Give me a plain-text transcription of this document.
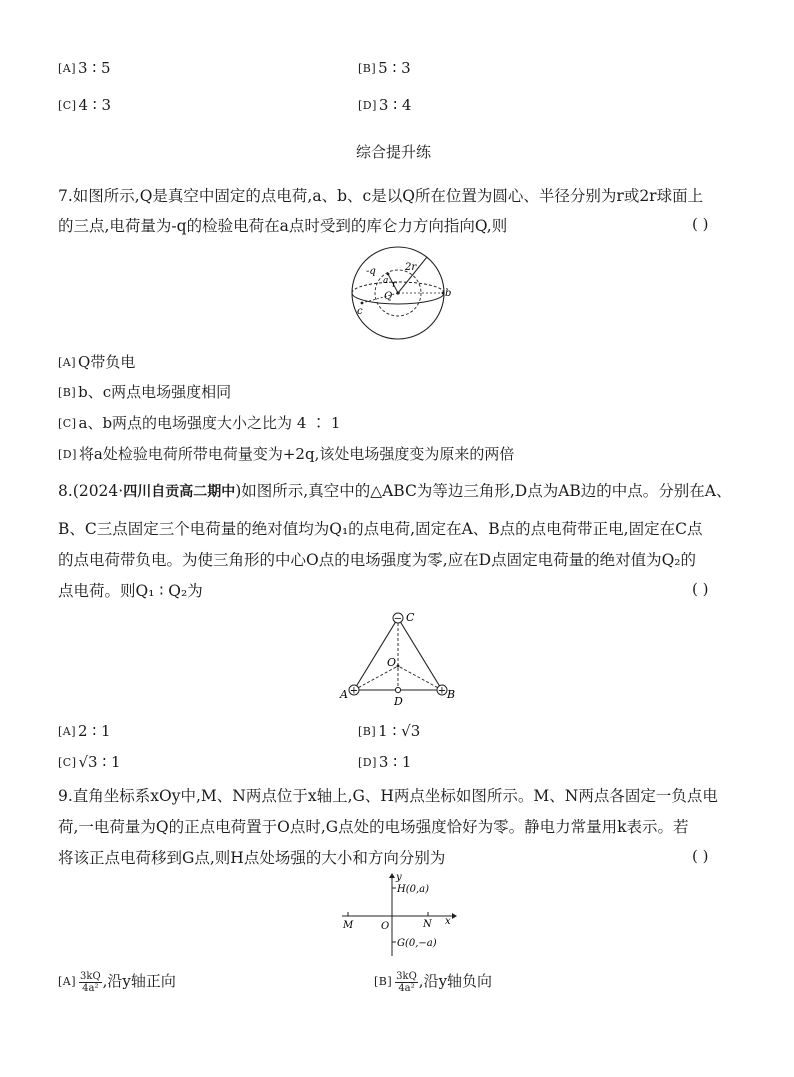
[A] 3 ∶ 5	[B] 5 ∶ 3
[C] 4 ∶ 3	[D] 3 ∶ 4
综合提升练
7.如图所示,Q是真空中固定的点电荷,a、b、c是以Q所在位置为圆心、半径分别为r或2r球面上
的三点,电荷量为-q的检验电荷在a点时受到的库仑力方向指向Q,则	( )
-q
a r
2r
Q	b
c
[A] Q带负电
[B] b、c两点电场强度相同
[C] a、b两点的电场强度大小之比为 4 ∶ 1
[D] 将a处检验电荷所带电荷量变为+2q,该处电场强度变为原来的两倍
8.(2024·四川自贡高二期中)如图所示,真空中的△ABC为等边三角形,D点为AB边的中点。分别在A、
B、C三点固定三个电荷量的绝对值均为Q₁的点电荷,固定在A、B点的点电荷带正电,固定在C点
的点电荷带负电。为使三角形的中心O点的电场强度为零,应在D点固定电荷量的绝对值为Q₂的
点电荷。则Q₁ ∶ Q₂为	( )
−
+	+
C
A	B
D
O
[A] 2 ∶ 1	[B] 1 ∶ √3
[C] √3 ∶ 1	[D] 3 ∶ 1
9.直角坐标系xOy中,M、N两点位于x轴上,G、H两点坐标如图所示。M、N两点各固定一负点电
荷,一电荷量为Q的正点电荷置于O点时,G点处的电场强度恰好为零。静电力常量用k表示。若
将该正点电荷移到G点,则H点处场强的大小和方向分别为	( )
y
x
H(0,a)
G(0,−a)
M	N
O
$[A] \frac{3kQ}{\text{4a²}}$ ,沿y轴正向	$[B] \frac{3kQ}{\text{4a²}}$ ,沿y轴负向
